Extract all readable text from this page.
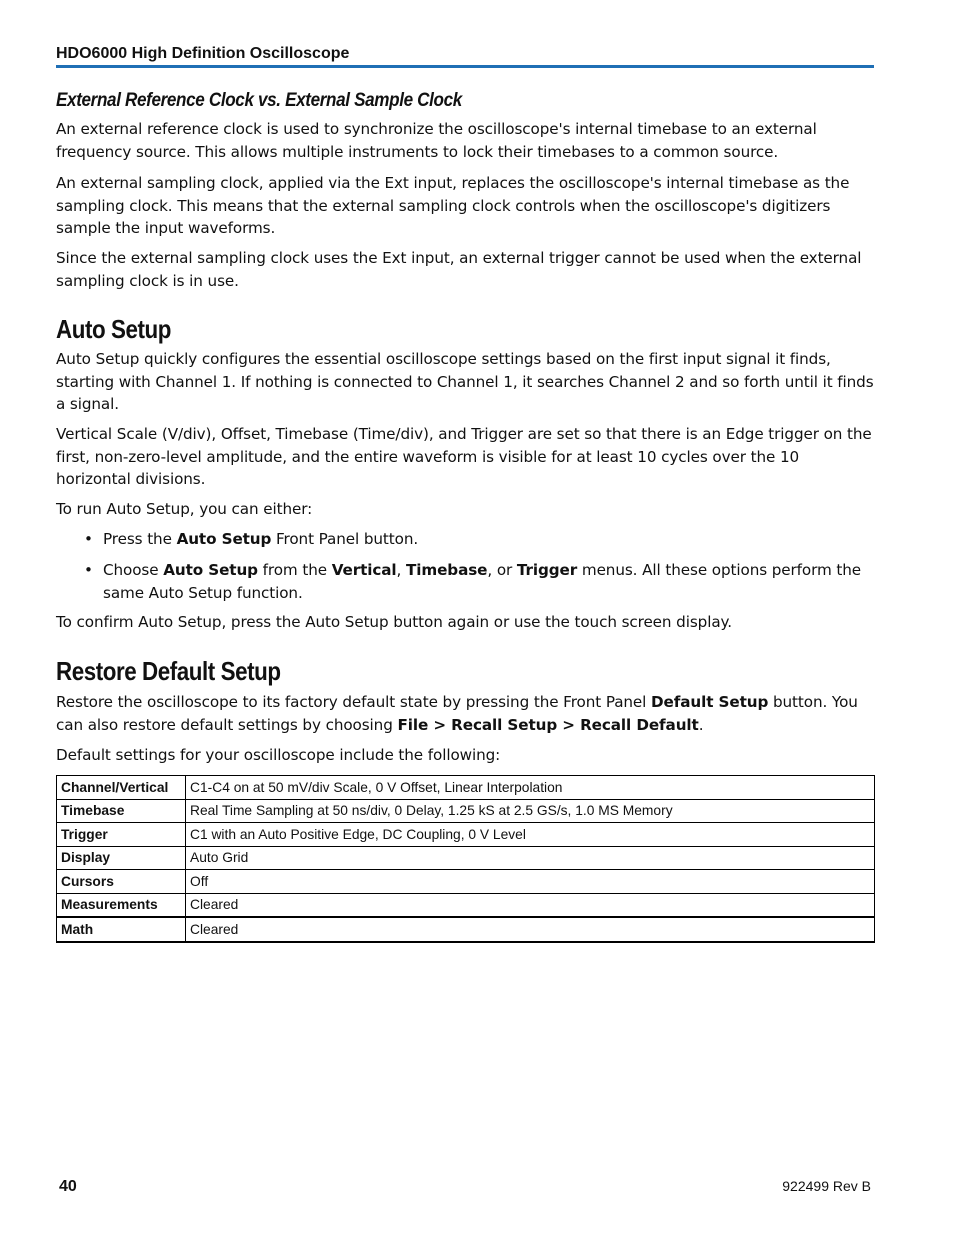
HDO6000 High Definition Oscilloscope
External Reference Clock vs. External Sample Clock

An external reference clock is used to synchronize the oscilloscope's internal timebase to an external frequency source. This allows multiple instruments to lock their timebases to a common source.

An external sampling clock, applied via the Ext input, replaces the oscilloscope's internal timebase as the sampling clock. This means that the external sampling clock controls when the oscilloscope's digitizers sample the input waveforms.

Since the external sampling clock uses the Ext input, an external trigger cannot be used when the external sampling clock is in use.

Auto Setup

Auto Setup quickly configures the essential oscilloscope settings based on the first input signal it finds, starting with Channel 1. If nothing is connected to Channel 1, it searches Channel 2 and so forth until it finds a signal.

Vertical Scale (V/div), Offset, Timebase (Time/div), and Trigger are set so that there is an Edge trigger on the first, non-zero-level amplitude, and the entire waveform is visible for at least 10 cycles over the 10 horizontal divisions.

To run Auto Setup, you can either:

• Press the Auto Setup Front Panel button.
• Choose Auto Setup from the Vertical, Timebase, or Trigger menus. All these options perform the same Auto Setup function.

To confirm Auto Setup, press the Auto Setup button again or use the touch screen display.

Restore Default Setup

Restore the oscilloscope to its factory default state by pressing the Front Panel Default Setup button. You can also restore default settings by choosing File > Recall Setup > Recall Default.

Default settings for your oscilloscope include the following:

Channel/Vertical	C1-C4 on at 50 mV/div Scale, 0 V Offset, Linear Interpolation
Timebase	Real Time Sampling at 50 ns/div, 0 Delay, 1.25 kS at 2.5 GS/s, 1.0 MS Memory
Trigger	C1 with an Auto Positive Edge, DC Coupling, 0 V Level
Display	Auto Grid
Cursors	Off
Measurements	Cleared
Math	Cleared
40	922499 Rev B
